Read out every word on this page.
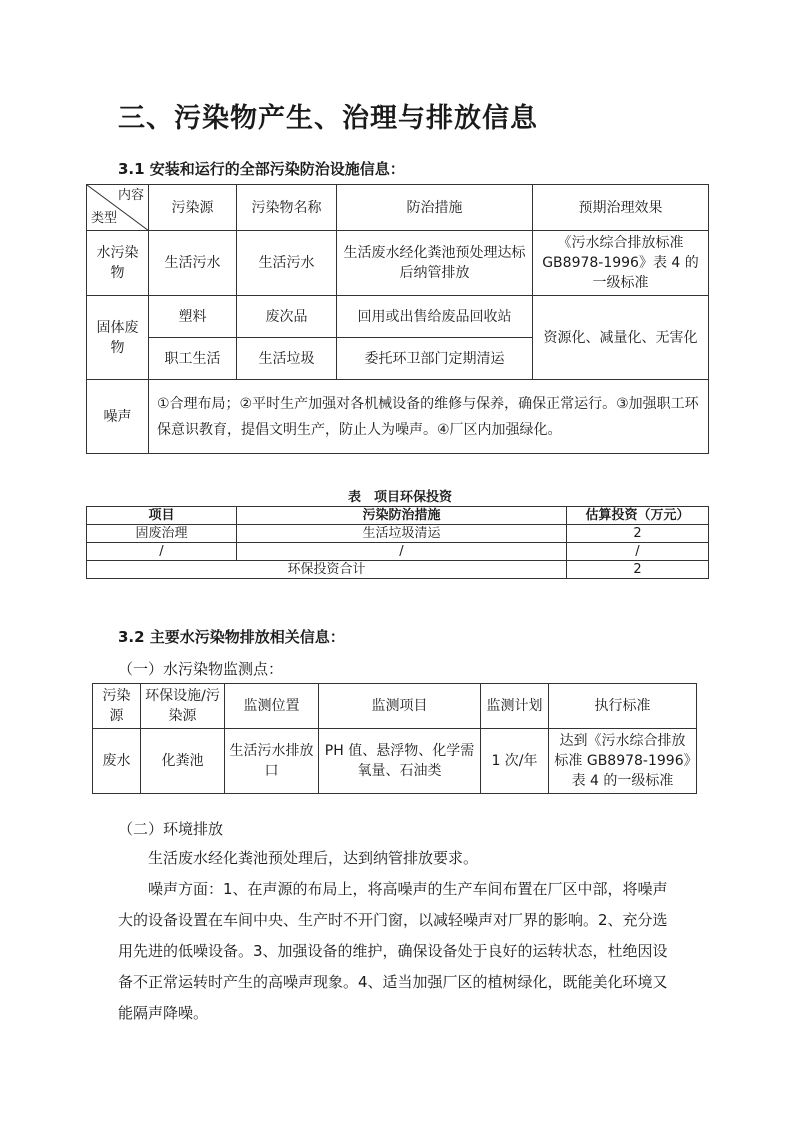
三、污染物产生、治理与排放信息
3.1 安装和运行的全部污染防治设施信息：
内容
类型	污染源	污染物名称	防治措施	预期治理效果
水污染物	生活污水	生活污水	生活废水经化粪池预处理达标后纳管排放	《污水综合排放标准GB8978-1996》表 4 的一级标准
固体废物	塑料	废次品	回用或出售给废品回收站	资源化、减量化、无害化
	职工生活	生活垃圾	委托环卫部门定期清运	
噪声	①合理布局；②平时生产加强对各机械设备的维修与保养，确保正常运行。③加强职工环保意识教育，提倡文明生产，防止人为噪声。④厂区内加强绿化。			
表　项目环保投资
项目	污染防治措施	估算投资（万元）
固废治理	生活垃圾清运	2
/	/	/
环保投资合计		2
3.2 主要水污染物排放相关信息：
（一）水污染物监测点：
污染源	环保设施/污染源	监测位置	监测项目	监测计划	执行标准
废水	化粪池	生活污水排放口	PH 值、悬浮物、化学需氧量、石油类	1 次/年	达到《污水综合排放标准 GB8978-1996》表 4 的一级标准
（二）环境排放

生活废水经化粪池预处理后，达到纳管排放要求。

噪声方面：1、在声源的布局上，将高噪声的生产车间布置在厂区中部，将噪声大的设备设置在车间中央、生产时不开门窗，以减轻噪声对厂界的影响。2、充分选用先进的低噪设备。3、加强设备的维护，确保设备处于良好的运转状态，杜绝因设备不正常运转时产生的高噪声现象。4、适当加强厂区的植树绿化，既能美化环境又能隔声降噪。
